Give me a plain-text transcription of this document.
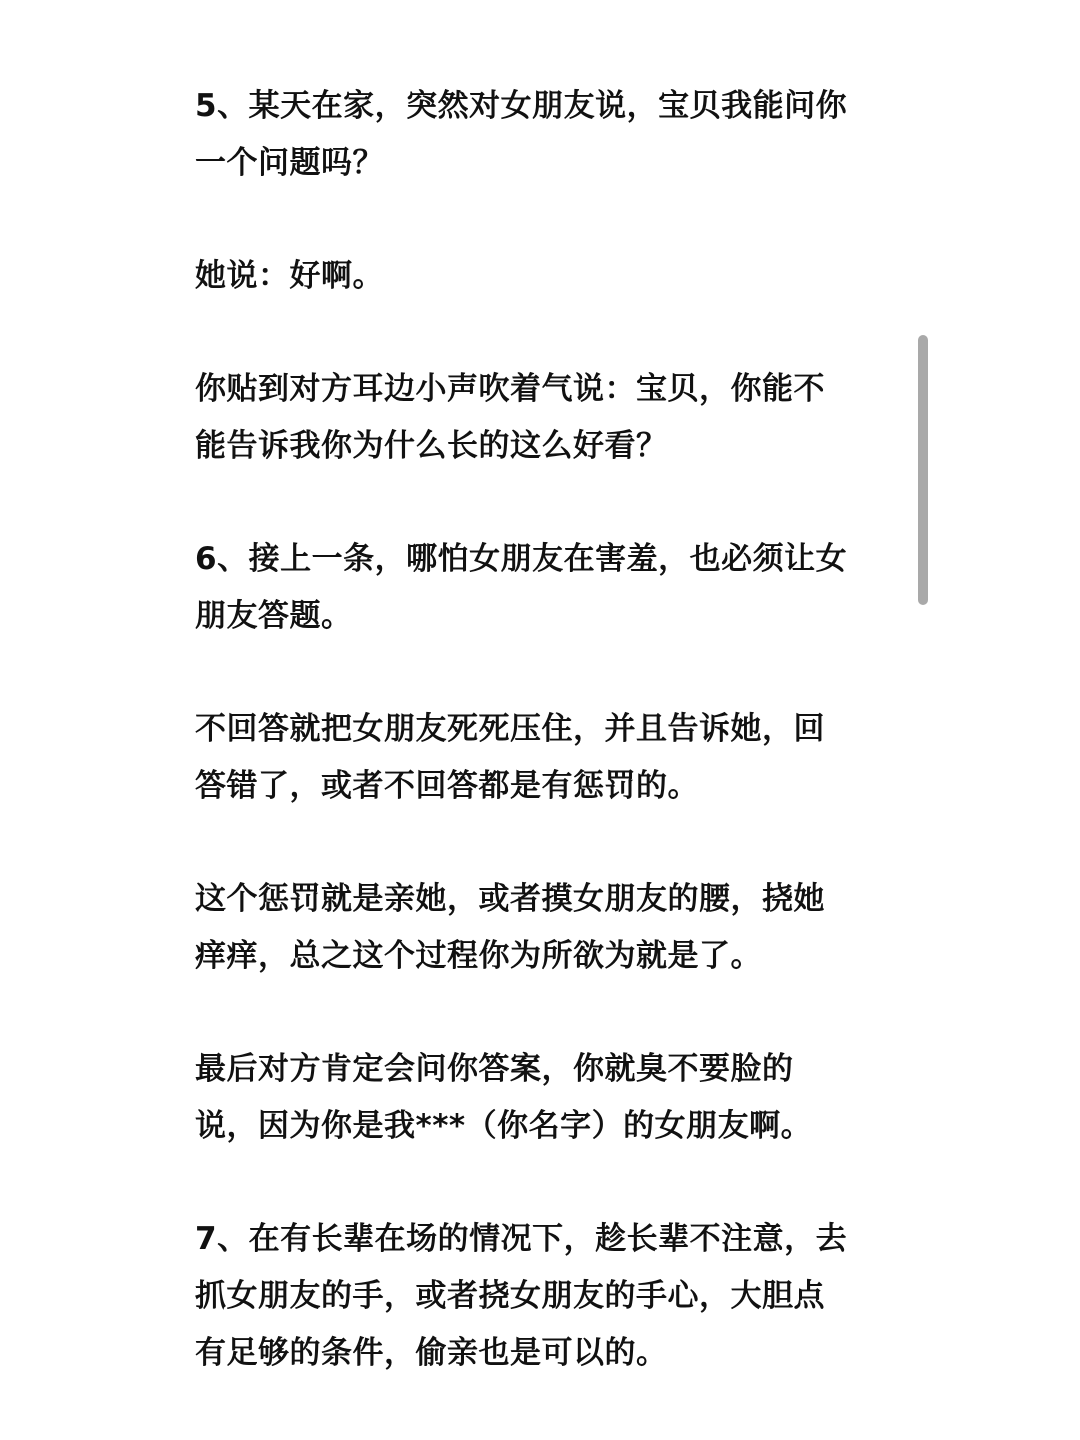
5、某天在家，突然对女朋友说，宝贝我能问你
一个问题吗？

她说：好啊。

你贴到对方耳边小声吹着气说：宝贝，你能不
能告诉我你为什么长的这么好看？

6、接上一条，哪怕女朋友在害羞，也必须让女
朋友答题。

不回答就把女朋友死死压住，并且告诉她，回
答错了，或者不回答都是有惩罚的。

这个惩罚就是亲她，或者摸女朋友的腰，挠她
痒痒，总之这个过程你为所欲为就是了。

最后对方肯定会问你答案，你就臭不要脸的
说，因为你是我***（你名字）的女朋友啊。

7、在有长辈在场的情况下，趁长辈不注意，去
抓女朋友的手，或者挠女朋友的手心，大胆点
有足够的条件，偷亲也是可以的。
